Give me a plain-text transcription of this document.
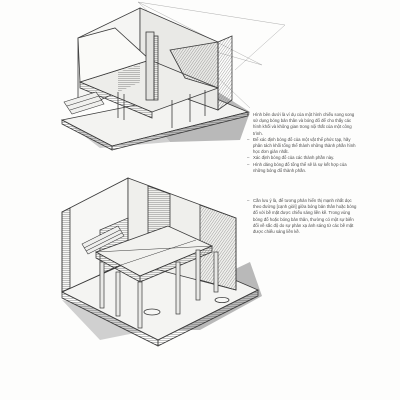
– Hình bên dưới là ví dụ của một hình chiếu song song sử dụng bóng bản thân và bóng đổ để cho thấy các hình khối và không gian trong nội thất của một công trình.
– Để xác định bóng đổ của một vật thể phức tạp, hãy phân tách khối tổng thể thành những thành phần hình học đơn giản nhất.
– Xác định bóng đổ của các thành phần này.
– Hình dáng bóng đổ tổng thể sẽ là sự kết hợp của những bóng đổ thành phần.

– Cần lưu ý là, để tương phản hiển thị mạnh nhất dọc theo đường [cạnh giới] giữa bóng bản thân hoặc bóng đổ với bề mặt được chiếu sáng liền kề. Trong vùng bóng đổ hoặc bóng bản thân, thường có một sự biến đổi về sắc độ do sự phản xạ ánh sáng từ các bề mặt được chiếu sáng liền kề.
